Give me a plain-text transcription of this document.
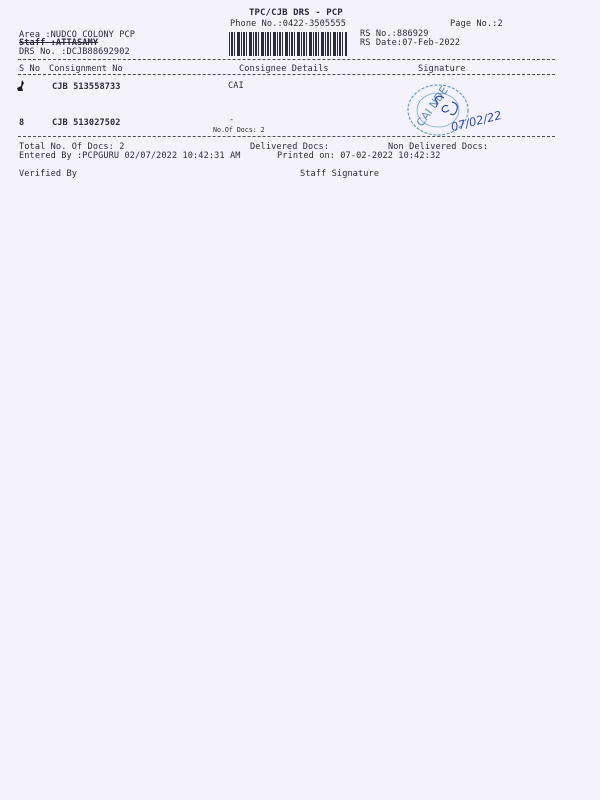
TPC/CJB DRS - PCP
Phone No.:0422-3505555	Page No.:2
Area :NUDCO COLONY PCP
Staff :ATTASAMY
DRS No. :DCJB88692902
RS No.:886929
RS Date:07-Feb-2022
S No Consignment No	Consignee Details	Signature
CJB 513558733	CAI
8	CJB 513027502	-
No.Of Docs: 2
CAI NDE
07/02/22
Total No. Of Docs: 2	Delivered Docs:	Non Delivered Docs:
Entered By :PCPGURU 02/07/2022 10:42:31 AM	Printed on: 07-02-2022 10:42:32
Verified By	Staff Signature
